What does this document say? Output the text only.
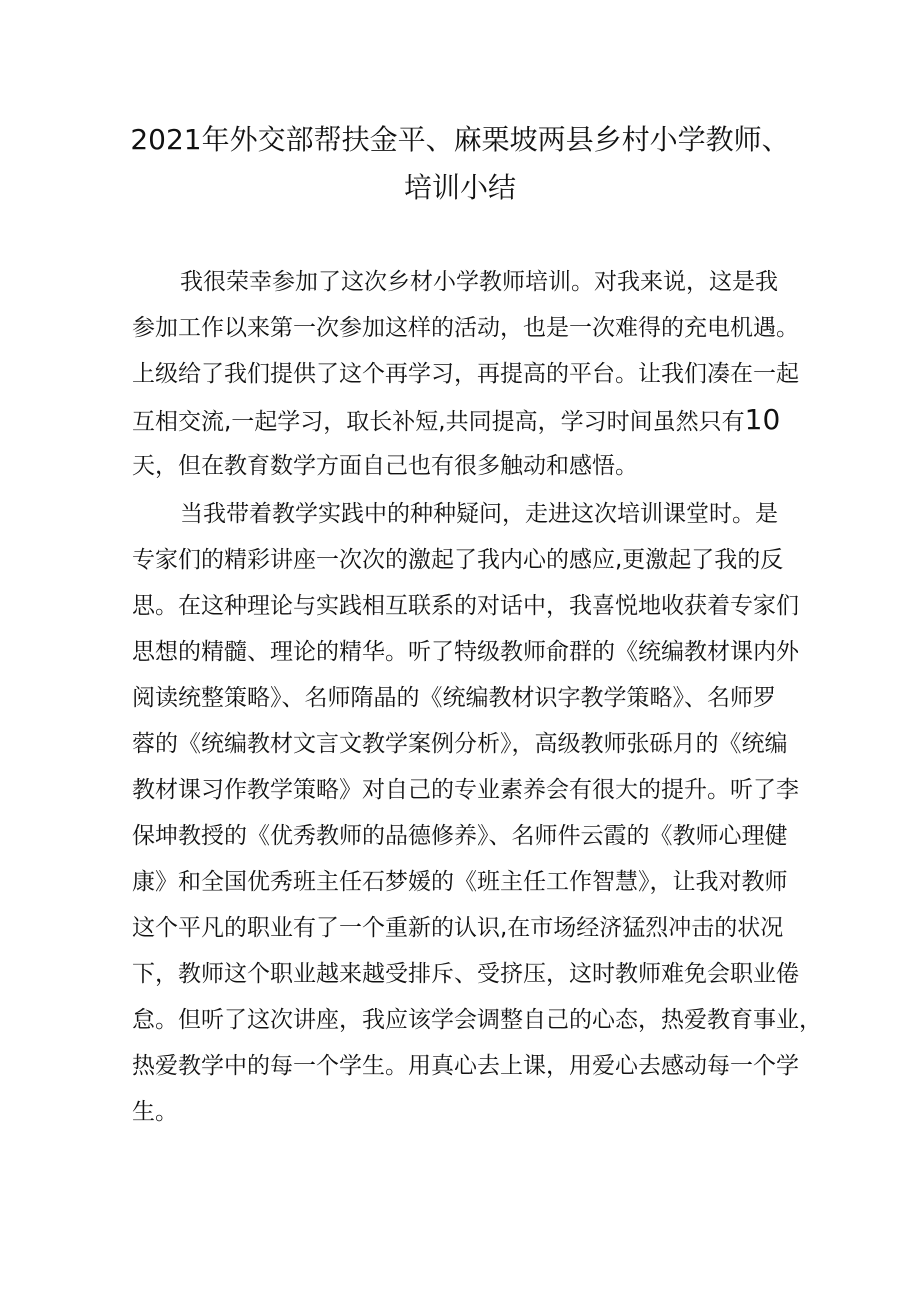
2021年外交部帮扶金平、麻栗坡两县乡村小学教师、
培训小结
我很荣幸参加了这次乡材小学教师培训。对我来说，这是我
参加工作以来第一次参加这样的活动，也是一次难得的充电机遇。
上级给了我们提供了这个再学习，再提高的平台。让我们凑在一起
互相交流,一起学习，取长补短,共同提高，学习时间虽然只有10
天，但在教育数学方面自己也有很多触动和感悟。
当我带着教学实践中的种种疑问，走进这次培训课堂时。是
专家们的精彩讲座一次次的激起了我内心的感应,更激起了我的反
思。在这种理论与实践相互联系的对话中，我喜悦地收获着专家们
思想的精髓、理论的精华。听了特级教师俞群的《统编教材课内外
阅读统整策略》、名师隋晶的《统编教材识字教学策略》、名师罗
蓉的《统编教材文言文教学案例分析》，高级教师张砾月的《统编
教材课习作教学策略》对自己的专业素养会有很大的提升。听了李
保坤教授的《优秀教师的品德修养》、名师件云霞的《教师心理健
康》和全国优秀班主任石梦媛的《班主任工作智慧》，让我对教师
这个平凡的职业有了一个重新的认识,在市场经济猛烈冲击的状况
下，教师这个职业越来越受排斥、受挤压，这时教师难免会职业倦
怠。但听了这次讲座，我应该学会调整自己的心态，热爱教育事业，
热爱教学中的每一个学生。用真心去上课，用爱心去感动每一个学
生。
